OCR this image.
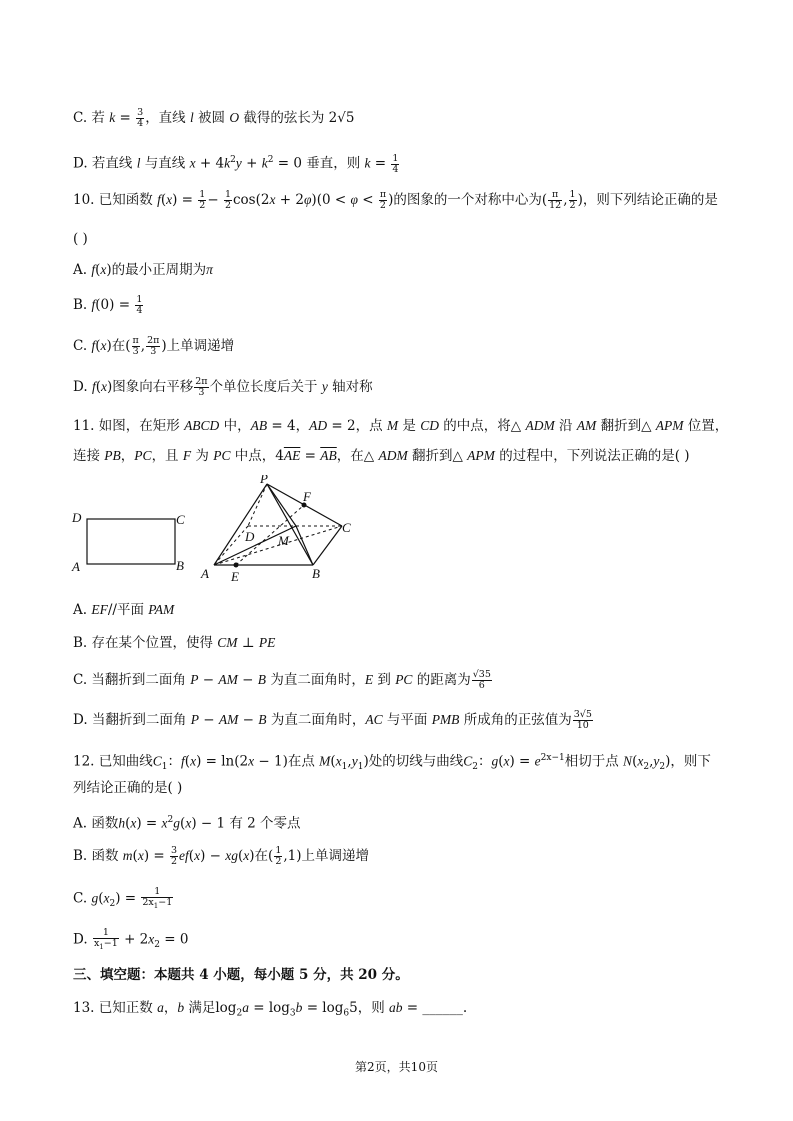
C. 若 $k = \frac{3}{4}$ ，直线 l 被圆 O 截得的弦长为 2√5
D. 若直线 l 与直线 $x + 4k^2y + k^2 = 0$ 垂直，则 $k = \frac{1}{4}$
10. 已知函数 $f(x) = \frac{1}{2} - \frac{1}{2} \cos(2x + 2\varphi)(0 < \varphi < \frac{\pi}{2}$ )的图象的一个对称中心为( $\frac{\pi}{12}$ , $\frac{1}{2}$ )，则下列结论正确的是
( )
A. f(x)的最小正周期为π
B. $f(0) = \frac{1}{4}$
C. f(x)在( $\frac{\pi}{3}$ , $\frac{2\pi}{3}$ )上单调递增
D. f(x)图象向右平移 $\frac{2\pi}{3}$ 个单位长度后关于 y 轴对称
11. 如图，在矩形 ABCD 中，AB = 4，AD = 2，点 M 是 CD 的中点，将△ ADM 沿 AM 翻折到△ APM 位置，
连接 PB，PC，且 F 为 PC 中点，$4\overline{AE} = \overline{AB}$，在△ ADM 翻折到△ APM 的过程中，下列说法正确的是( )
D	C
A	B
P
F
C
D M
A E	B
A. EF//平面 PAM
B. 存在某个位置，使得 CM ⊥ PE
C. 当翻折到二面角 P − AM − B 为直二面角时，E 到 PC 的距离为 $\frac{√35}{6}$
D. 当翻折到二面角 P − AM − B 为直二面角时，AC 与平面 PMB 所成角的正弦值为 $\frac{3√5}{10}$
12. 已知曲线$C_1$：f(x) = ln(2x − 1)在点 $M(x_1,y_1)$处的切线与曲线$C_2$：$g(x) = e^{2x-1}$相切于点 $N(x_2,y_2)$，则下
列结论正确的是( )
A. 函数$h(x) = x^2g(x) - 1$ 有 2 个零点
B. 函数 $m(x) = \frac{3}{2} ef(x) - xg(x)$在( $\frac{1}{2} ,1$)上单调递增
C. $g(x_2) = \frac{1}{2x_1-1}$
D. $\frac{1}{x_1-1} + 2x_2 = 0$
三、填空题：本题共 4 小题，每小题 5 分，共 20 分。
13. 已知正数 a，b 满足$\log_2a = \log_3b = \log_65$，则 ab = ______.
第2页，共10页
